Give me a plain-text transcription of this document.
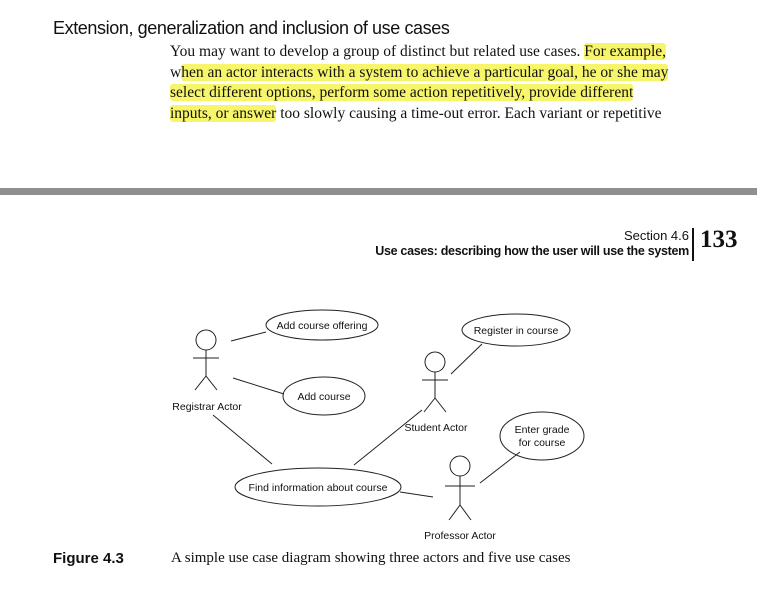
Extension, generalization and inclusion of use cases
You may want to develop a group of distinct but related use cases. For example,
when an actor interacts with a system to achieve a particular goal, he or she may
select different options, perform some action repetitively, provide different
inputs, or answer too slowly causing a time-out error. Each variant or repetitive
Section 4.6
Use cases: describing how the user will use the system 133
Add course offering
Add course
Register in course
Find information about course
Enter grade
for course
Registrar Actor
Student Actor
Professor Actor
Figure 4.3	A simple use case diagram showing three actors and five use cases
